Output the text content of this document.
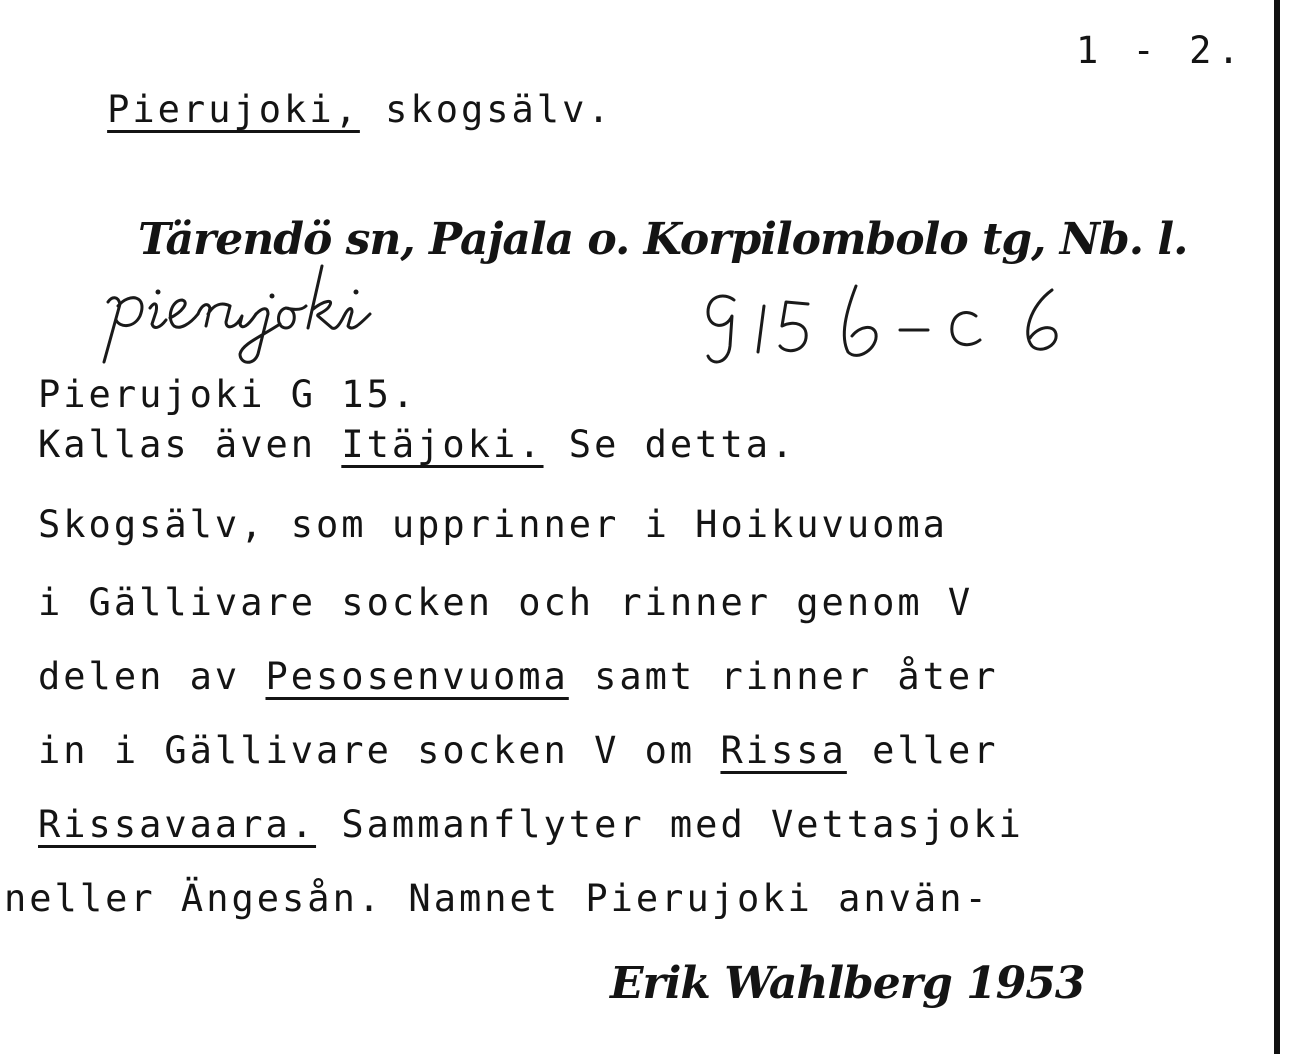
Pierujoki, skogsälv.

1 - 2.
Tärendö sn, Pajala o. Korpilombolo tg, Nb. l.
Pierujoki G 15.
Kallas även Itäjoki. Se detta.
Skogsälv, som upprinner i Hoikuvuoma
i Gällivare socken och rinner genom V
delen av Pesosenvuoma samt rinner åter
in i Gällivare socken V om Rissa eller
Rissavaara. Sammanflyter med Vettasjoki
neller Ängesån. Namnet Pierujoki använ-
Erik Wahlberg 1953
